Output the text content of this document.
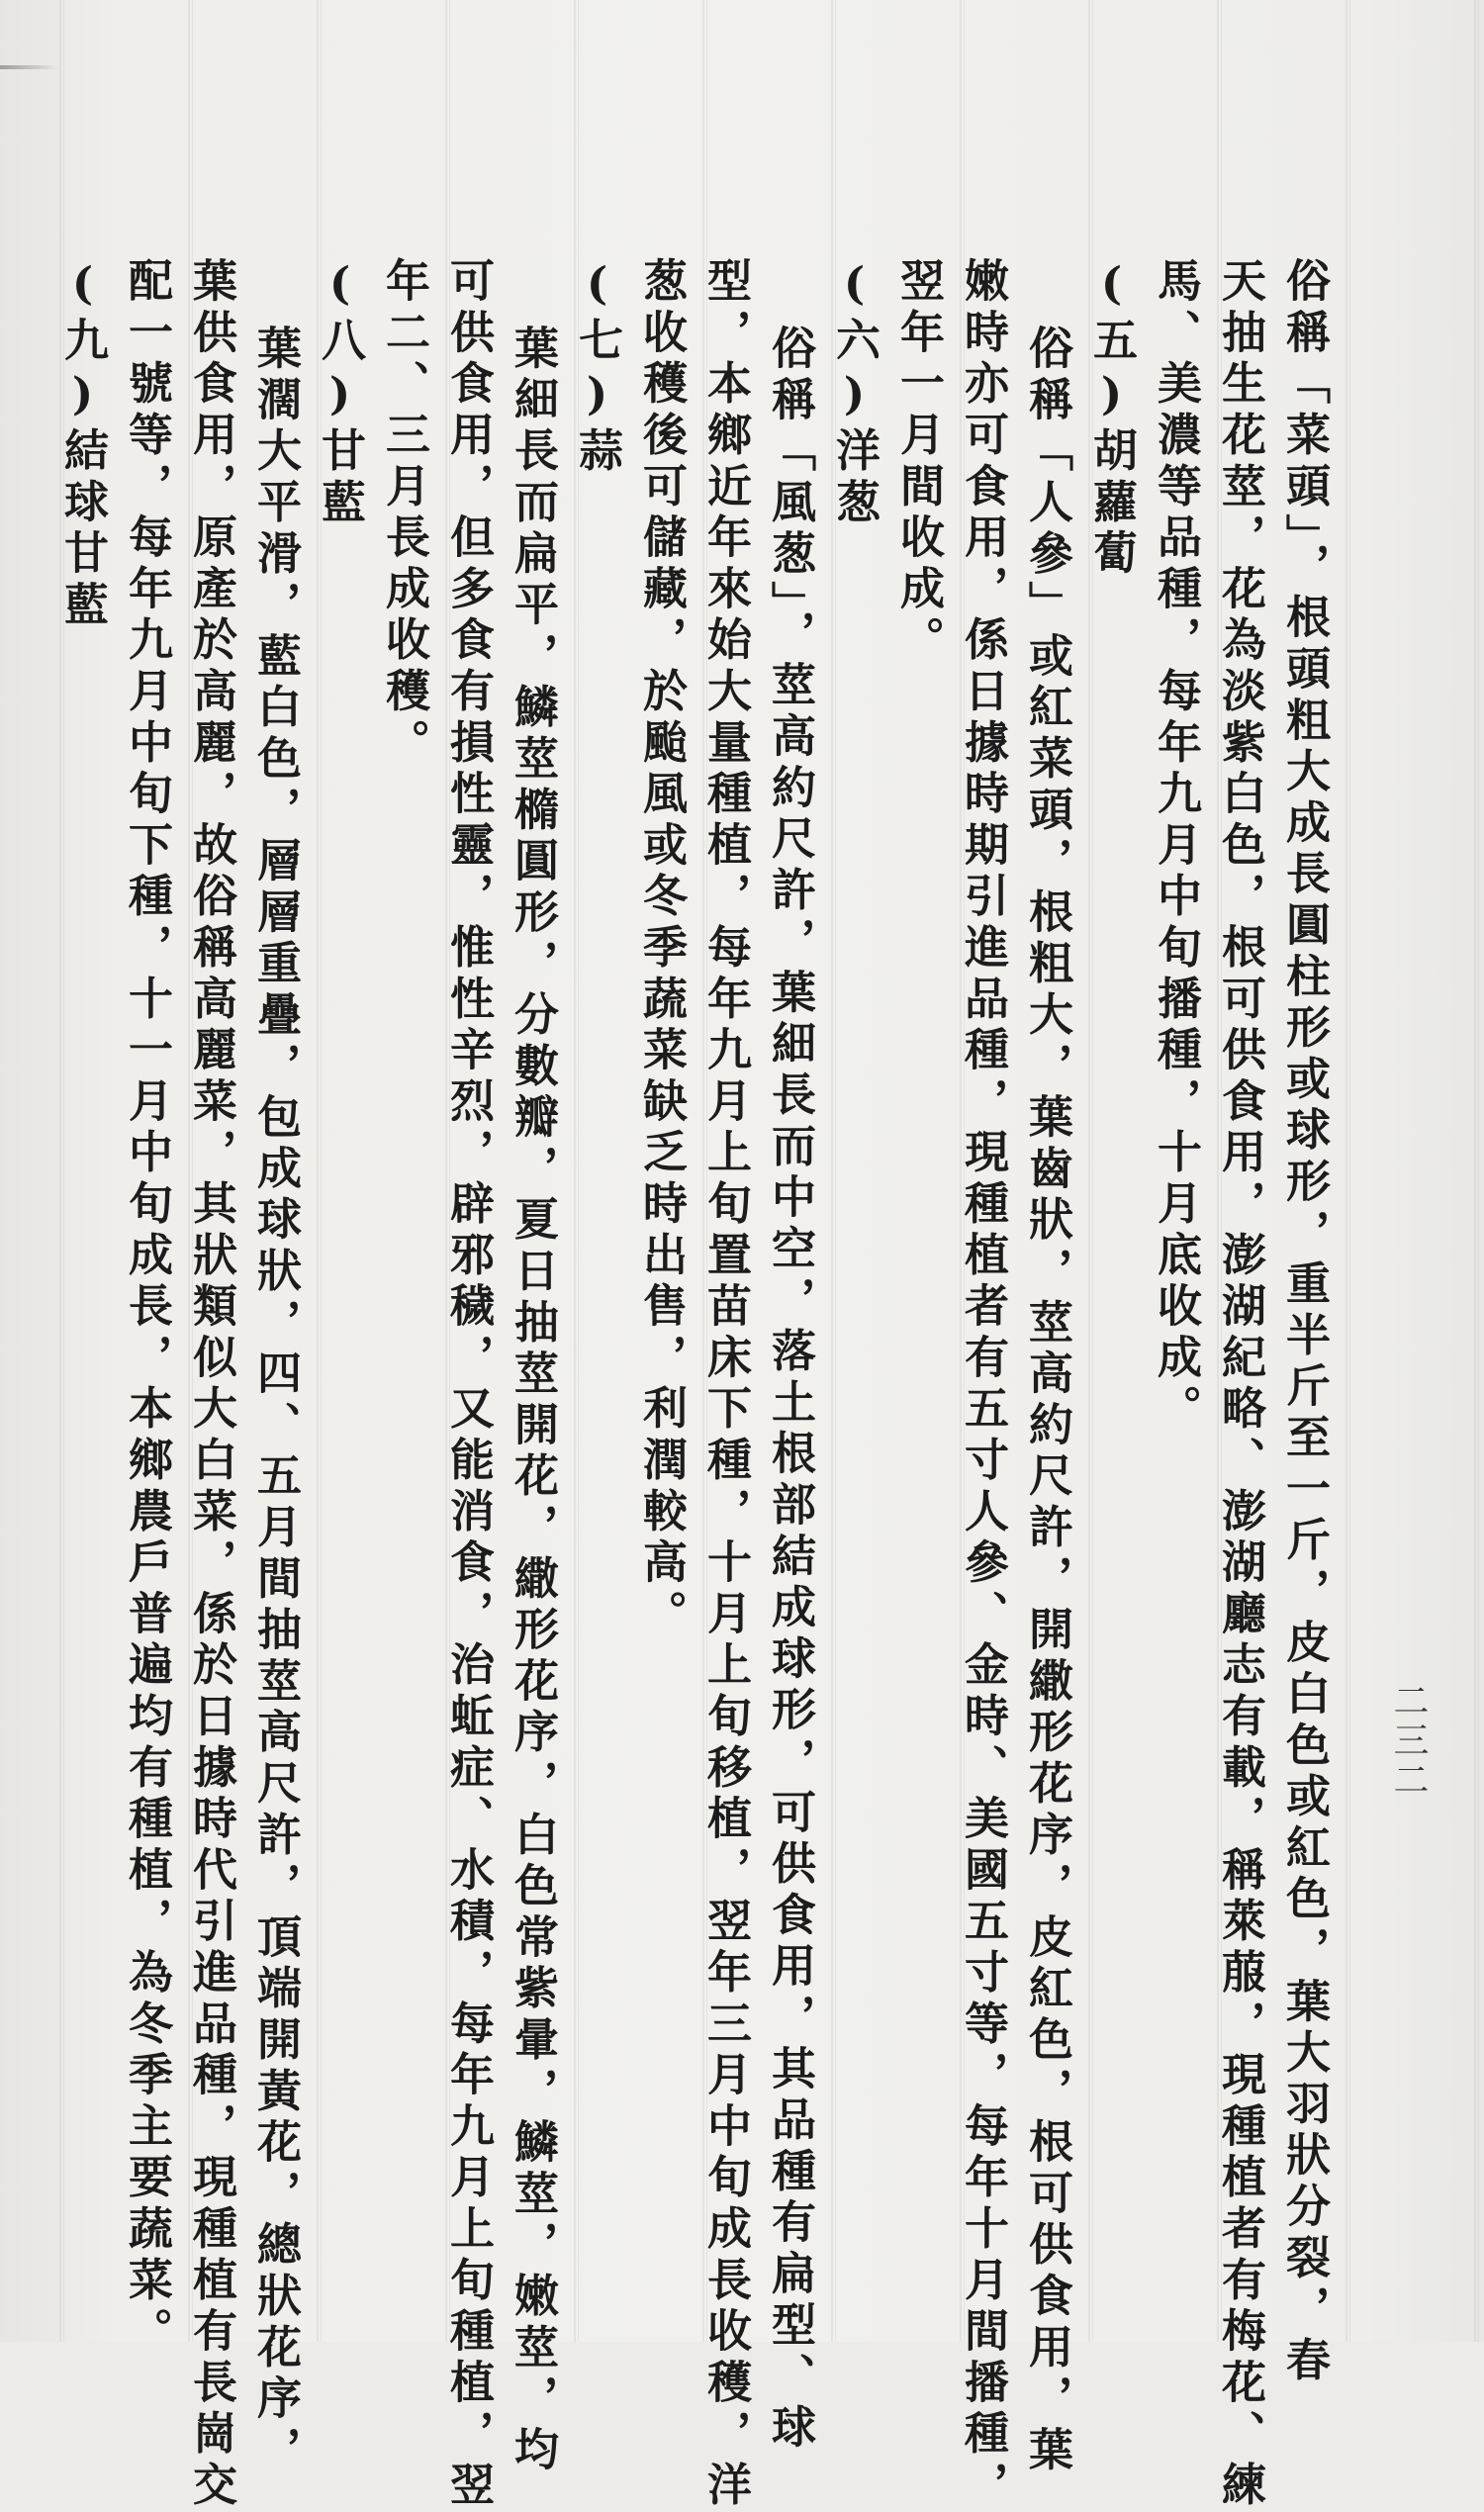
二三二
俗稱「菜頭」，根頭粗大成長圓柱形或球形，重半斤至一斤，皮白色或紅色，葉大羽狀分裂，春
天抽生花莖，花為淡紫白色，根可供食用，澎湖紀略、澎湖廳志有載，稱萊菔，現種植者有梅花、練
馬、美濃等品種，每年九月中旬播種，十月底收成。
(五)胡蘿蔔
俗稱「人參」或紅菜頭，根粗大，葉齒狀，莖高約尺許，開繖形花序，皮紅色，根可供食用，葉
嫩時亦可食用，係日據時期引進品種，現種植者有五寸人參、金時、美國五寸等，每年十月間播種，
翌年一月間收成。
(六)洋葱
俗稱「風葱」，莖高約尺許，葉細長而中空，落土根部結成球形，可供食用，其品種有扁型、球
型，本鄉近年來始大量種植，每年九月上旬置苗床下種，十月上旬移植，翌年三月中旬成長收穫，洋
葱收穫後可儲藏，於颱風或冬季蔬菜缺乏時出售，利潤較高。
(七)蒜
葉細長而扁平，鱗莖橢圓形，分數瓣，夏日抽莖開花，繖形花序，白色常紫暈，鱗莖，嫩莖，均
可供食用，但多食有損性靈，惟性辛烈，辟邪穢，又能消食，治蚯症、水積，每年九月上旬種植，翌
年二、三月長成收穫。
(八)甘藍
葉濶大平滑，藍白色，層層重疊，包成球狀，四、五月間抽莖高尺許，頂端開黃花，總狀花序，
葉供食用，原產於高麗，故俗稱高麗菜，其狀類似大白菜，係於日據時代引進品種，現種植有長崗交
配一號等，每年九月中旬下種，十一月中旬成長，本鄉農戶普遍均有種植，為冬季主要蔬菜。
(九)結球甘藍
